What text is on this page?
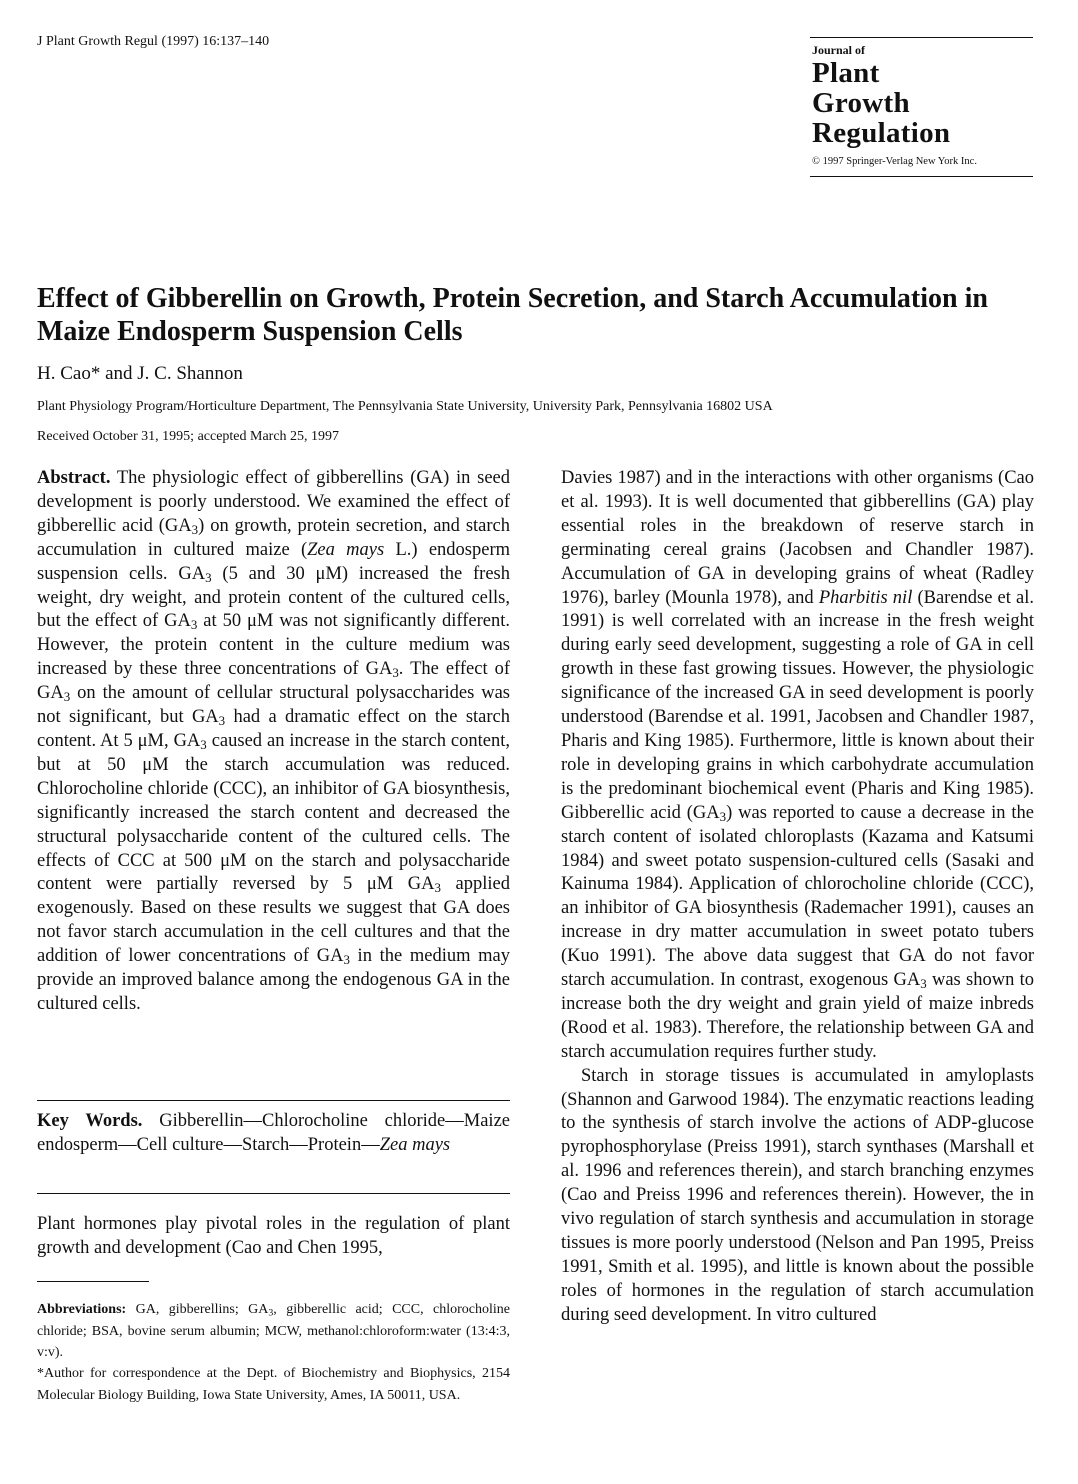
J Plant Growth Regul (1997) 16:137–140
Journal of
Plant
Growth
Regulation
© 1997 Springer-Verlag New York Inc.
Effect of Gibberellin on Growth, Protein Secretion, and Starch Accumulation in Maize Endosperm Suspension Cells
H. Cao* and J. C. Shannon
Plant Physiology Program/Horticulture Department, The Pennsylvania State University, University Park, Pennsylvania 16802 USA
Received October 31, 1995; accepted March 25, 1997

Abstract. The physiologic effect of gibberellins (GA) in seed development is poorly understood. We examined the effect of gibberellic acid $(GA_3)$ on growth, protein secretion, and starch accumulation in cultured maize (Zea mays L.) endosperm suspension cells. $GA_3$ (5 and 30 μM) increased the fresh weight, dry weight, and protein content of the cultured cells, but the effect of $GA_3$ at 50 μM was not significantly different. However, the protein content in the culture medium was increased by these three concentrations of $GA_3$. The effect of $GA_3$ on the amount of cellular structural polysaccharides was not significant, but $GA_3$ had a dramatic effect on the starch content. At 5 μM, $GA_3$ caused an increase in the starch content, but at 50 μM the starch accumulation was reduced. Chlorocholine chloride (CCC), an inhibitor of GA biosynthesis, significantly increased the starch content and decreased the structural polysaccharide content of the cultured cells. The effects of CCC at 500 μM on the starch and polysaccharide content were partially reversed by 5 μM $GA_3$ applied exogenously. Based on these results we suggest that GA does not favor starch accumulation in the cell cultures and that the addition of lower concentrations of $GA_3$ in the medium may provide an improved balance among the endogenous GA in the cultured cells.

Key Words. Gibberellin—Chlorocholine chloride—Maize endosperm—Cell culture—Starch—Protein—Zea mays

Plant hormones play pivotal roles in the regulation of plant growth and development (Cao and Chen 1995,

Abbreviations: GA, gibberellins; $GA_3$, gibberellic acid; CCC, chlorocholine chloride; BSA, bovine serum albumin; MCW, methanol:chloroform:water (13:4:3, v:v).
*Author for correspondence at the Dept. of Biochemistry and Biophysics, 2154 Molecular Biology Building, Iowa State University, Ames, IA 50011, USA.

Davies 1987) and in the interactions with other organisms (Cao et al. 1993). It is well documented that gibberellins (GA) play essential roles in the breakdown of reserve starch in germinating cereal grains (Jacobsen and Chandler 1987). Accumulation of GA in developing grains of wheat (Radley 1976), barley (Mounla 1978), and Pharbitis nil (Barendse et al. 1991) is well correlated with an increase in the fresh weight during early seed development, suggesting a role of GA in cell growth in these fast growing tissues. However, the physiologic significance of the increased GA in seed development is poorly understood (Barendse et al. 1991, Jacobsen and Chandler 1987, Pharis and King 1985). Furthermore, little is known about their role in developing grains in which carbohydrate accumulation is the predominant biochemical event (Pharis and King 1985). Gibberellic acid $(GA_3)$ was reported to cause a decrease in the starch content of isolated chloroplasts (Kazama and Katsumi 1984) and sweet potato suspension-cultured cells (Sasaki and Kainuma 1984). Application of chlorocholine chloride (CCC), an inhibitor of GA biosynthesis (Rademacher 1991), causes an increase in dry matter accumulation in sweet potato tubers (Kuo 1991). The above data suggest that GA do not favor starch accumulation. In contrast, exogenous $GA_3$ was shown to increase both the dry weight and grain yield of maize inbreds (Rood et al. 1983). Therefore, the relationship between GA and starch accumulation requires further study.

Starch in storage tissues is accumulated in amyloplasts (Shannon and Garwood 1984). The enzymatic reactions leading to the synthesis of starch involve the actions of ADP-glucose pyrophosphorylase (Preiss 1991), starch synthases (Marshall et al. 1996 and references therein), and starch branching enzymes (Cao and Preiss 1996 and references therein). However, the in vivo regulation of starch synthesis and accumulation in storage tissues is more poorly understood (Nelson and Pan 1995, Preiss 1991, Smith et al. 1995), and little is known about the possible roles of hormones in the regulation of starch accumulation during seed development. In vitro cultured
